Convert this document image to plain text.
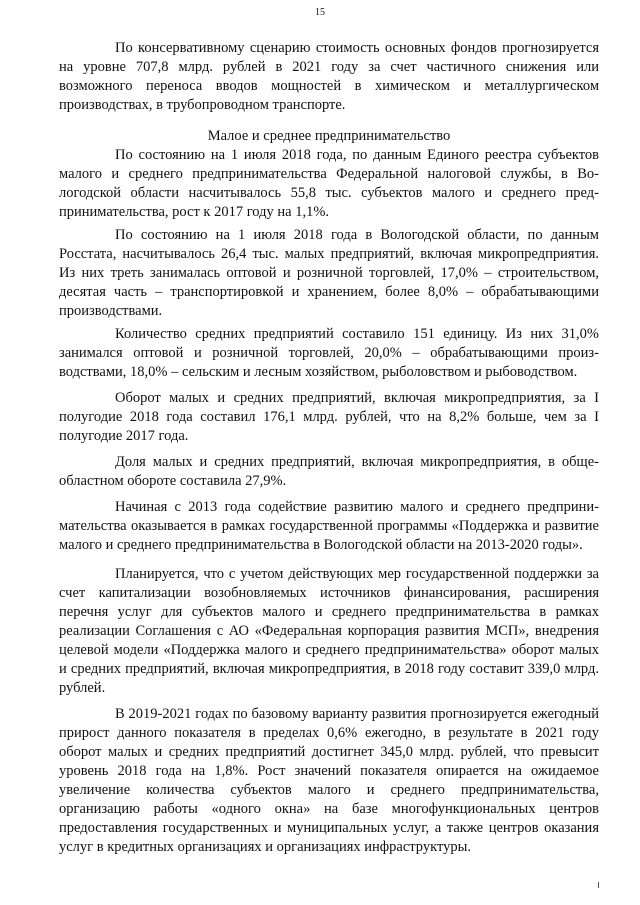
15

По консервативному сценарию стоимость основных фондов прогнозируется на уровне 707,8 млрд. рублей в 2021 году за счет частичного снижения или возможного переноса вводов мощностей в химическом и металлургическом производствах, в трубопроводном транспорте.

Малое и среднее предпринимательство

По состоянию на 1 июля 2018 года, по данным Единого реестра субъектов малого и среднего предпринимательства Федеральной налоговой службы, в Вологодской области насчитывалось 55,8 тыс. субъектов малого и среднего предпринимательства, рост к 2017 году на 1,1%.

По состоянию на 1 июля 2018 года в Вологодской области, по данным Росстата, насчитывалось 26,4 тыс. малых предприятий, включая микропредприятия. Из них треть занималась оптовой и розничной торговлей, 17,0% – строительством, десятая часть – транспортировкой и хранением, более 8,0% – обрабатывающими производствами.

Количество средних предприятий составило 151 единицу. Из них 31,0% занимался оптовой и розничной торговлей, 20,0% – обрабатывающими производствами, 18,0% – сельским и лесным хозяйством, рыболовством и рыбоводством.

Оборот малых и средних предприятий, включая микропредприятия, за I полугодие 2018 года составил 176,1 млрд. рублей, что на 8,2% больше, чем за I полугодие 2017 года.

Доля малых и средних предприятий, включая микропредприятия, в общеобластном обороте составила 27,9%.

Начиная с 2013 года содействие развитию малого и среднего предпринимательства оказывается в рамках государственной программы «Поддержка и развитие малого и среднего предпринимательства в Вологодской области на 2013-2020 годы».

Планируется, что с учетом действующих мер государственной поддержки за счет капитализации возобновляемых источников финансирования, расширения перечня услуг для субъектов малого и среднего предпринимательства в рамках реализации Соглашения с АО «Федеральная корпорация развития МСП», внедрения целевой модели «Поддержка малого и среднего предпринимательства» оборот малых и средних предприятий, включая микропредприятия, в 2018 году составит 339,0 млрд. рублей.

В 2019-2021 годах по базовому варианту развития прогнозируется ежегодный прирост данного показателя в пределах 0,6% ежегодно, в результате в 2021 году оборот малых и средних предприятий достигнет 345,0 млрд. рублей, что превысит уровень 2018 года на 1,8%. Рост значений показателя опирается на ожидаемое увеличение количества субъектов малого и среднего предпринимательства, организацию работы «одного окна» на базе многофункциональных центров предоставления государственных и муниципальных услуг, а также центров оказания услуг в кредитных организациях и организациях инфраструктуры.
